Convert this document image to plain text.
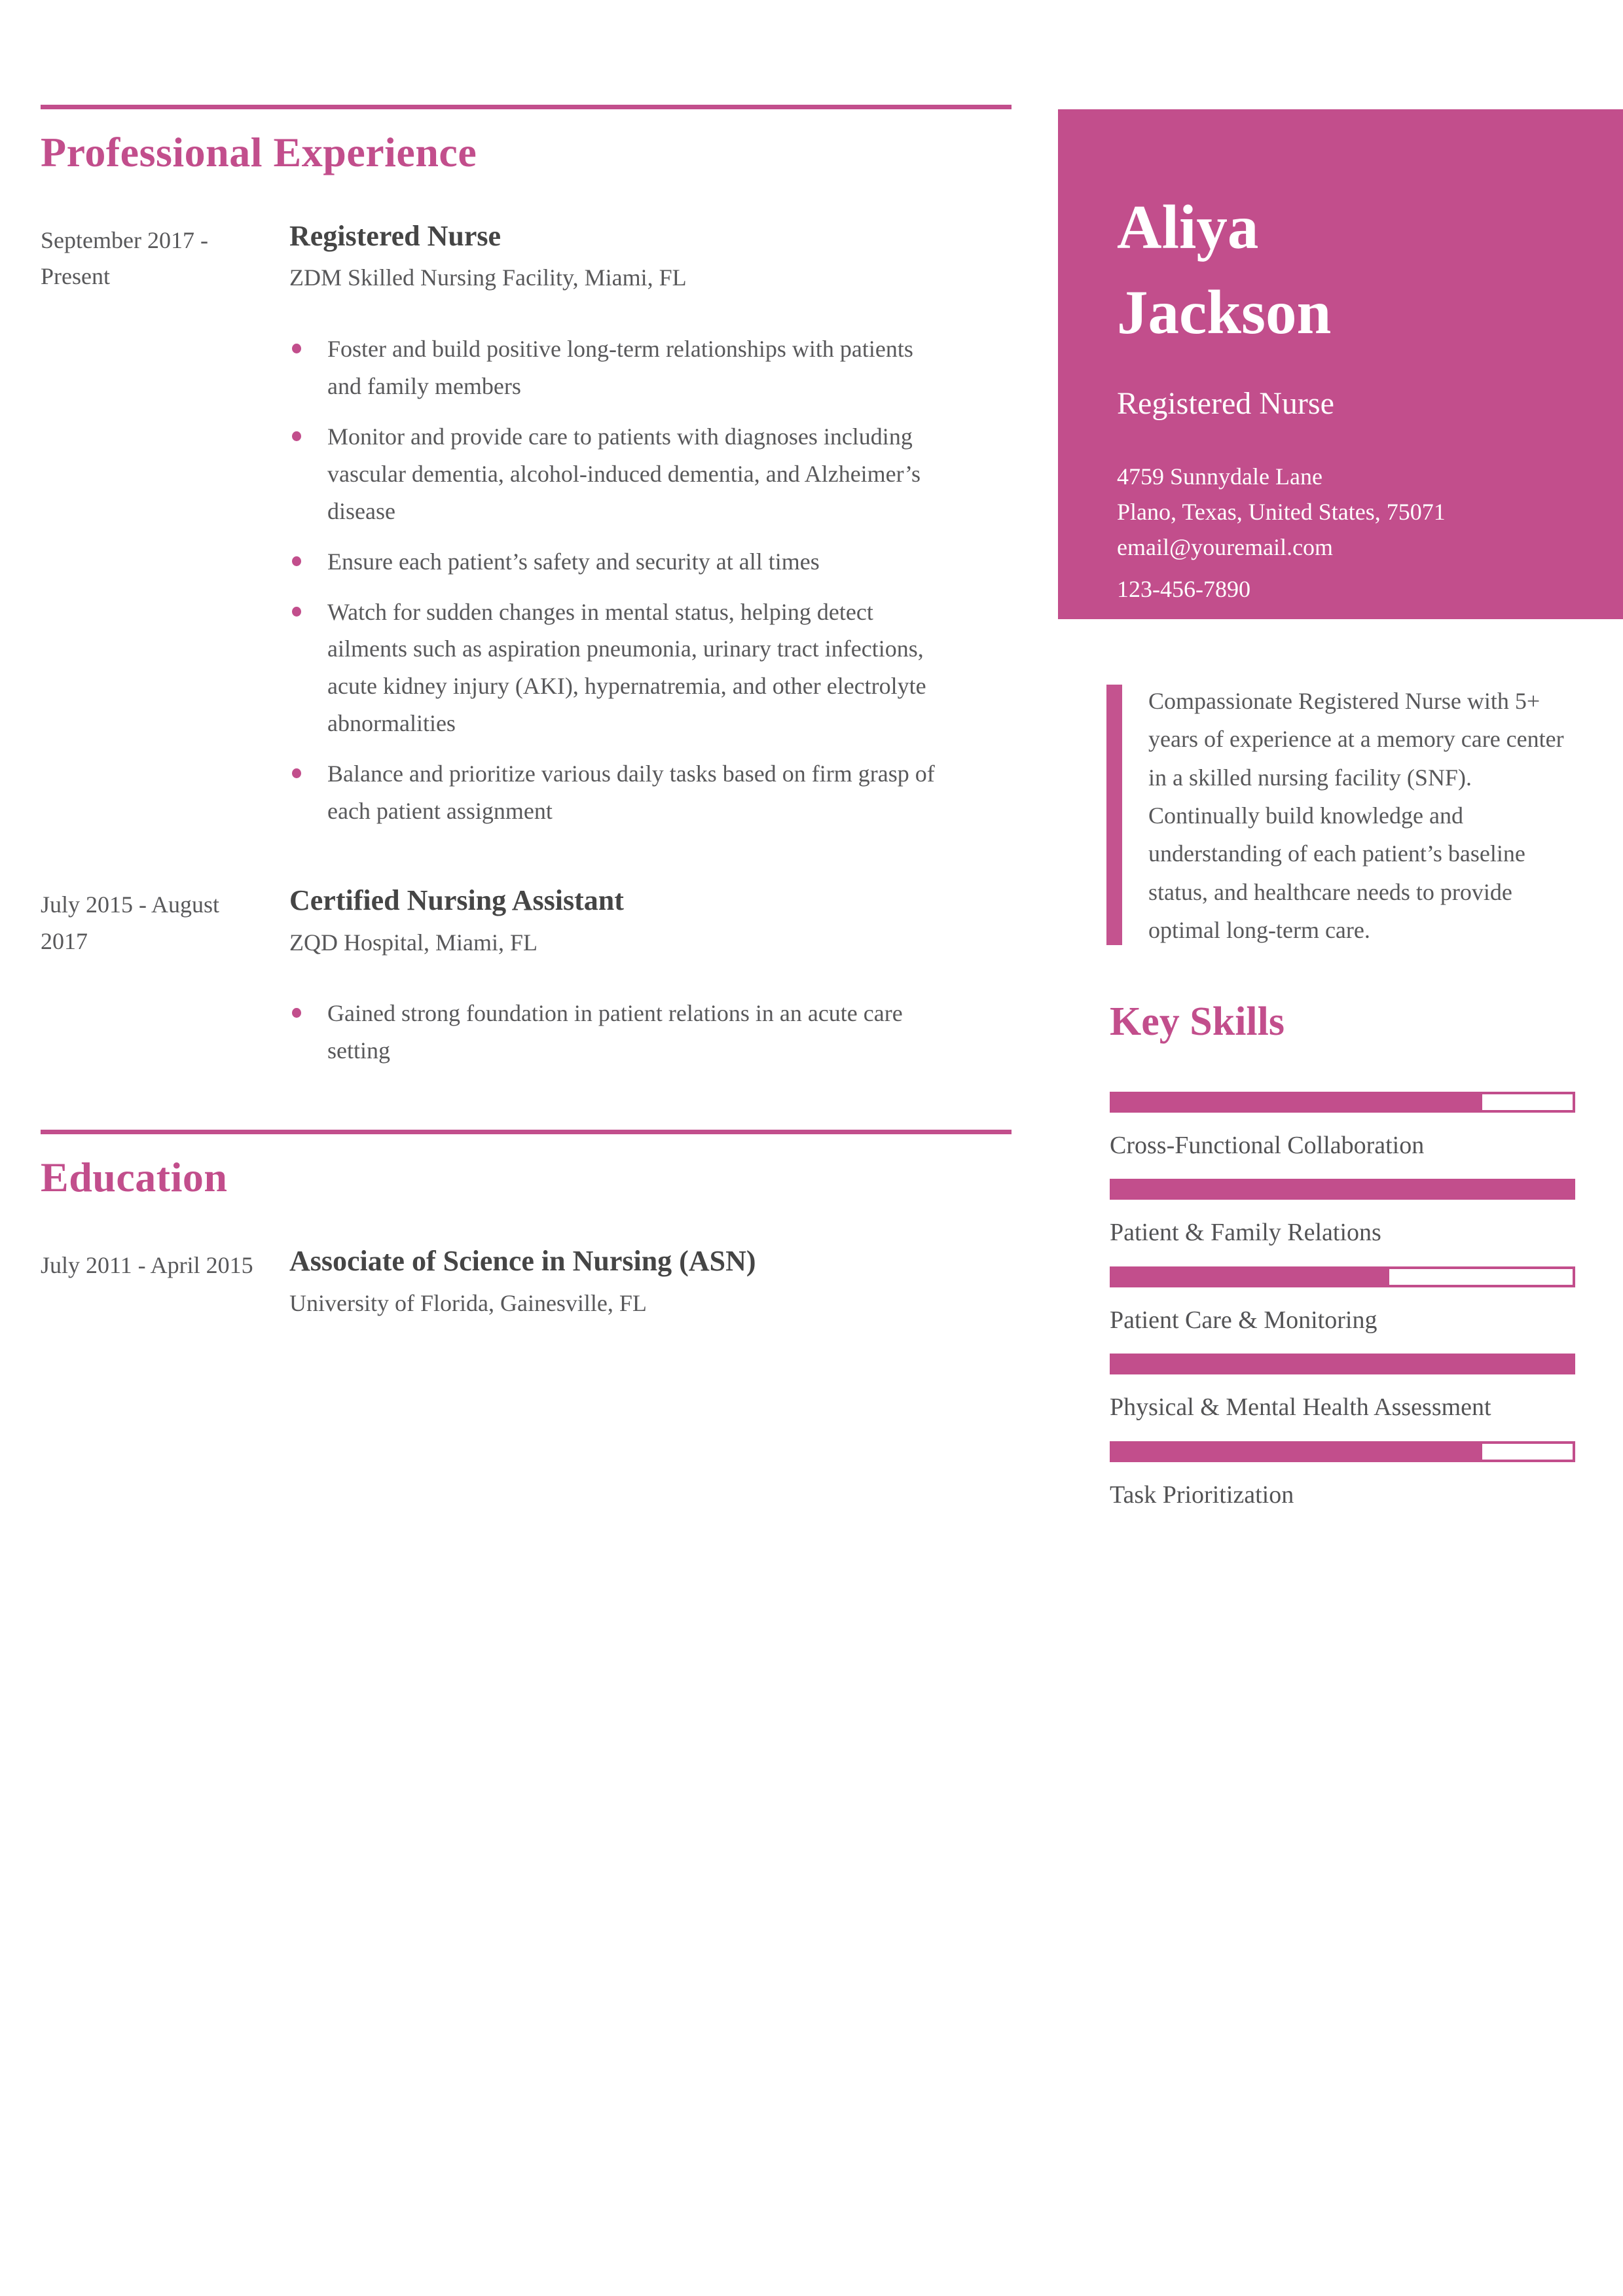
Professional Experience
September 2017 - Present
Registered Nurse
ZDM Skilled Nursing Facility, Miami, FL
Foster and build positive long-term relationships with patients and family members
Monitor and provide care to patients with diagnoses including vascular dementia, alcohol-induced dementia, and Alzheimer’s disease
Ensure each patient’s safety and security at all times
Watch for sudden changes in mental status, helping detect ailments such as aspiration pneumonia, urinary tract infections, acute kidney injury (AKI), hypernatremia, and other electrolyte abnormalities
Balance and prioritize various daily tasks based on firm grasp of each patient assignment
July 2015 - August 2017
Certified Nursing Assistant
ZQD Hospital, Miami, FL
Gained strong foundation in patient relations in an acute care setting
Education
July 2011 - April 2015 Associate of Science in Nursing (ASN)
University of Florida, Gainesville, FL
Aliya Jackson
Registered Nurse
4759 Sunnydale Lane
Plano, Texas, United States, 75071
email@youremail.com
123-456-7890
Compassionate Registered Nurse with 5+ years of experience at a memory care center in a skilled nursing facility (SNF). Continually build knowledge and understanding of each patient’s baseline status, and healthcare needs to provide optimal long-term care.
Key Skills
Cross-Functional Collaboration
Patient & Family Relations
Patient Care & Monitoring
Physical & Mental Health Assessment
Task Prioritization
